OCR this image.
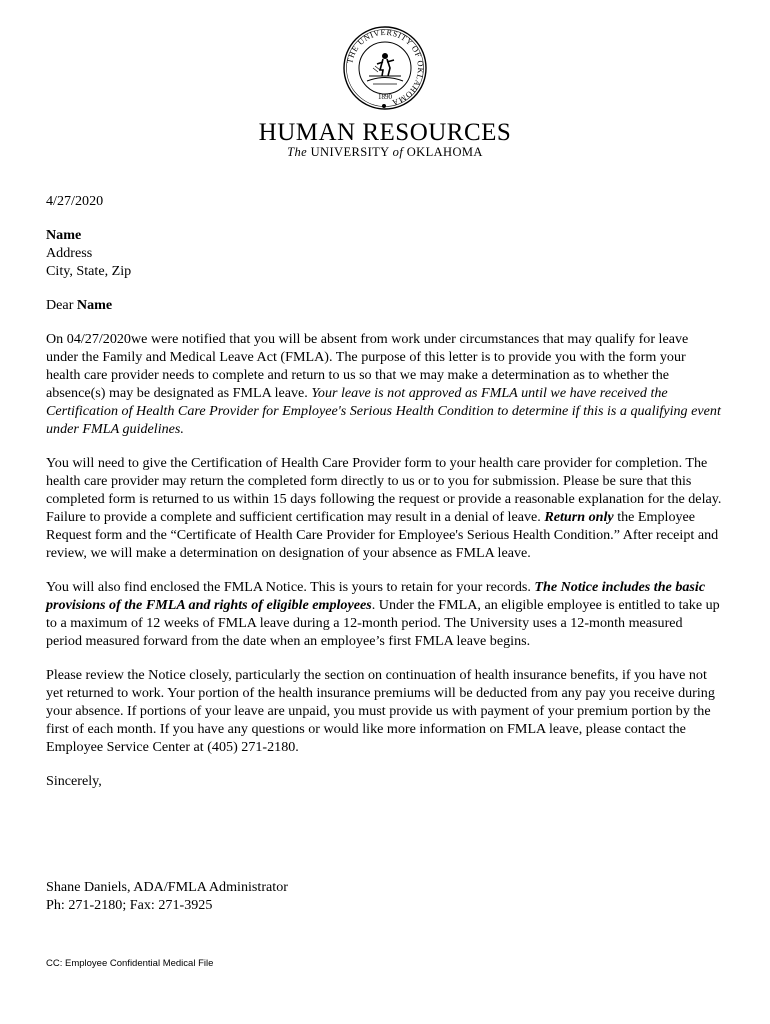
THE UNIVERSITY OF OKLAHOMA
1890
HUMAN RESOURCES
The UNIVERSITY of OKLAHOMA

4/27/2020

Name

Address

City, State, Zip

Dear Name

On 04/27/2020we were notified that you will be absent from work under circumstances that may qualify for leave under the Family and Medical Leave Act (FMLA). The purpose of this letter is to provide you with the form your health care provider needs to complete and return to us so that we may make a determination as to whether the absence(s) may be designated as FMLA leave. Your leave is not approved as FMLA until we have received the Certification of Health Care Provider for Employee's Serious Health Condition to determine if this is a qualifying event under FMLA guidelines.

You will need to give the Certification of Health Care Provider form to your health care provider for completion. The health care provider may return the completed form directly to us or to you for submission. Please be sure that this completed form is returned to us within 15 days following the request or provide a reasonable explanation for the delay. Failure to provide a complete and sufficient certification may result in a denial of leave. Return only the Employee Request form and the “Certificate of Health Care Provider for Employee's Serious Health Condition.” After receipt and review, we will make a determination on designation of your absence as FMLA leave.

You will also find enclosed the FMLA Notice. This is yours to retain for your records. The Notice includes the basic provisions of the FMLA and rights of eligible employees. Under the FMLA, an eligible employee is entitled to take up to a maximum of 12 weeks of FMLA leave during a 12-month period. The University uses a 12-month measured period measured forward from the date when an employee’s first FMLA leave begins.

Please review the Notice closely, particularly the section on continuation of health insurance benefits, if you have not yet returned to work. Your portion of the health insurance premiums will be deducted from any pay you receive during your absence. If portions of your leave are unpaid, you must provide us with payment of your premium portion by the first of each month. If you have any questions or would like more information on FMLA leave, please contact the Employee Service Center at (405) 271-2180.

Sincerely,

Shane Daniels, ADA/FMLA Administrator

Ph: 271-2180; Fax: 271-3925

CC: Employee Confidential Medical File
